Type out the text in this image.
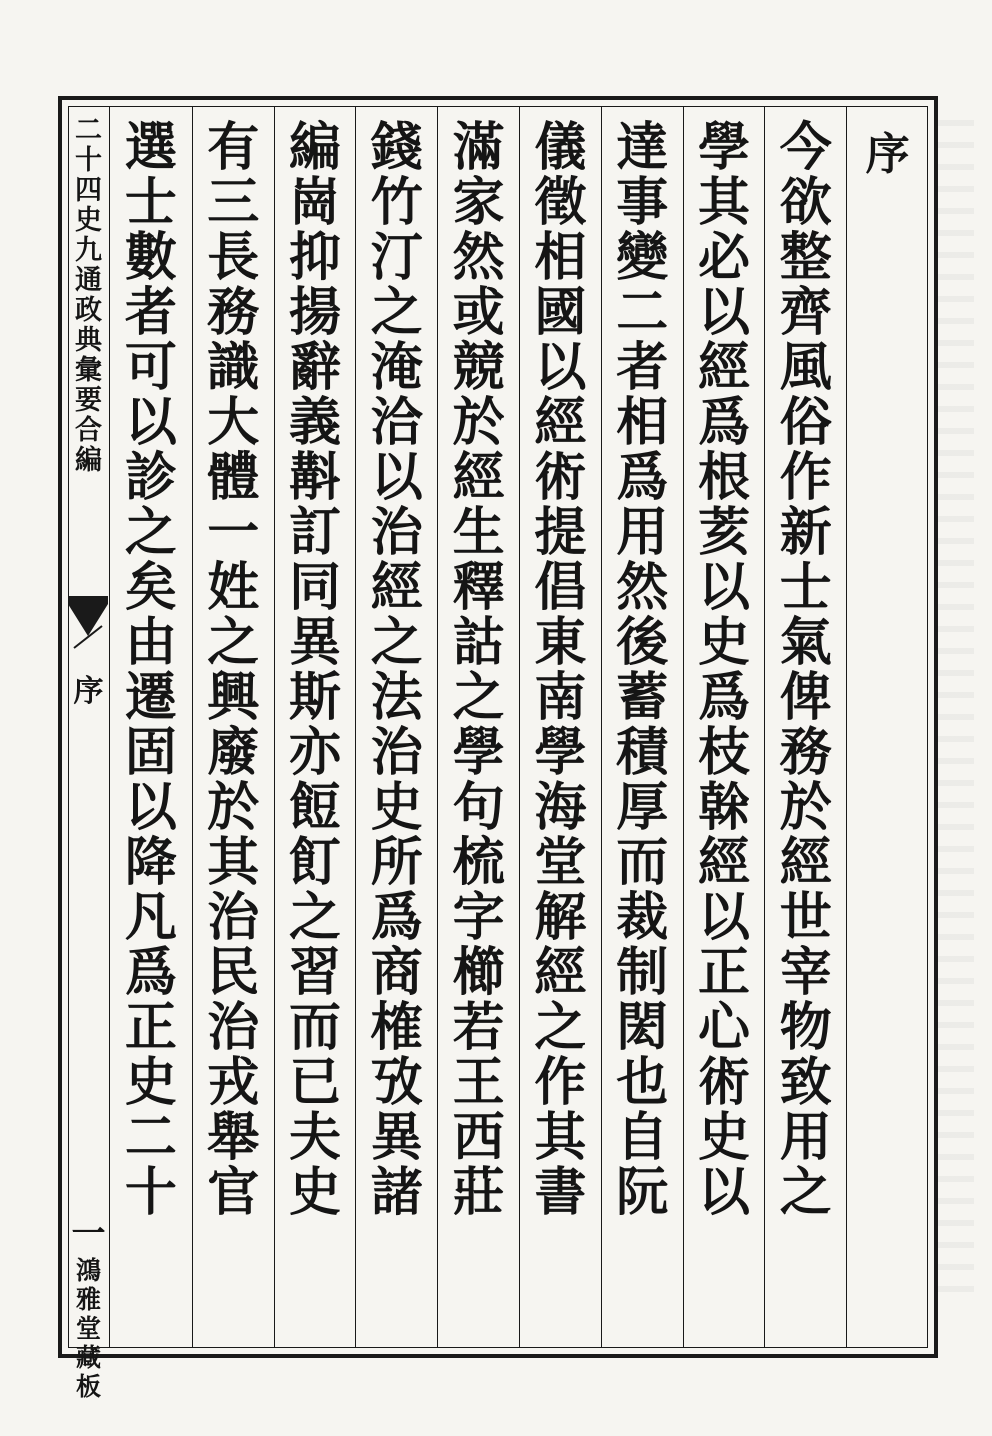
二
十
四
史
九
通
政
典
彙
要
合
編
序
一
鴻
雅
堂
藏
板
序
今
欲
整
齊
風
俗
作
新
士
氣
俾
務
於
經
世
宰
物
致
用
之
學
其
必
以
經
爲
根
荄
以
史
爲
枝
榦
經
以
正
心
術
史
以
達
事
變
二
者
相
爲
用
然
後
蓄
積
厚
而
裁
制
閎
也
自
阮
儀
徵
相
國
以
經
術
提
倡
東
南
學
海
堂
解
經
之
作
其
書
滿
家
然
或
競
於
經
生
釋
詁
之
學
句
梳
字
櫛
若
王
西
莊
錢
竹
汀
之
淹
洽
以
治
經
之
法
治
史
所
爲
商
榷
攷
異
諸
編
崗
抑
揚
辭
義
斠
訂
同
異
斯
亦
餖
飣
之
習
而
已
夫
史
有
三
長
務
識
大
體
一
姓
之
興
廢
於
其
治
民
治
戎
舉
官
選
士
數
者
可
以
診
之
矣
由
遷
固
以
降
凡
爲
正
史
二
十
